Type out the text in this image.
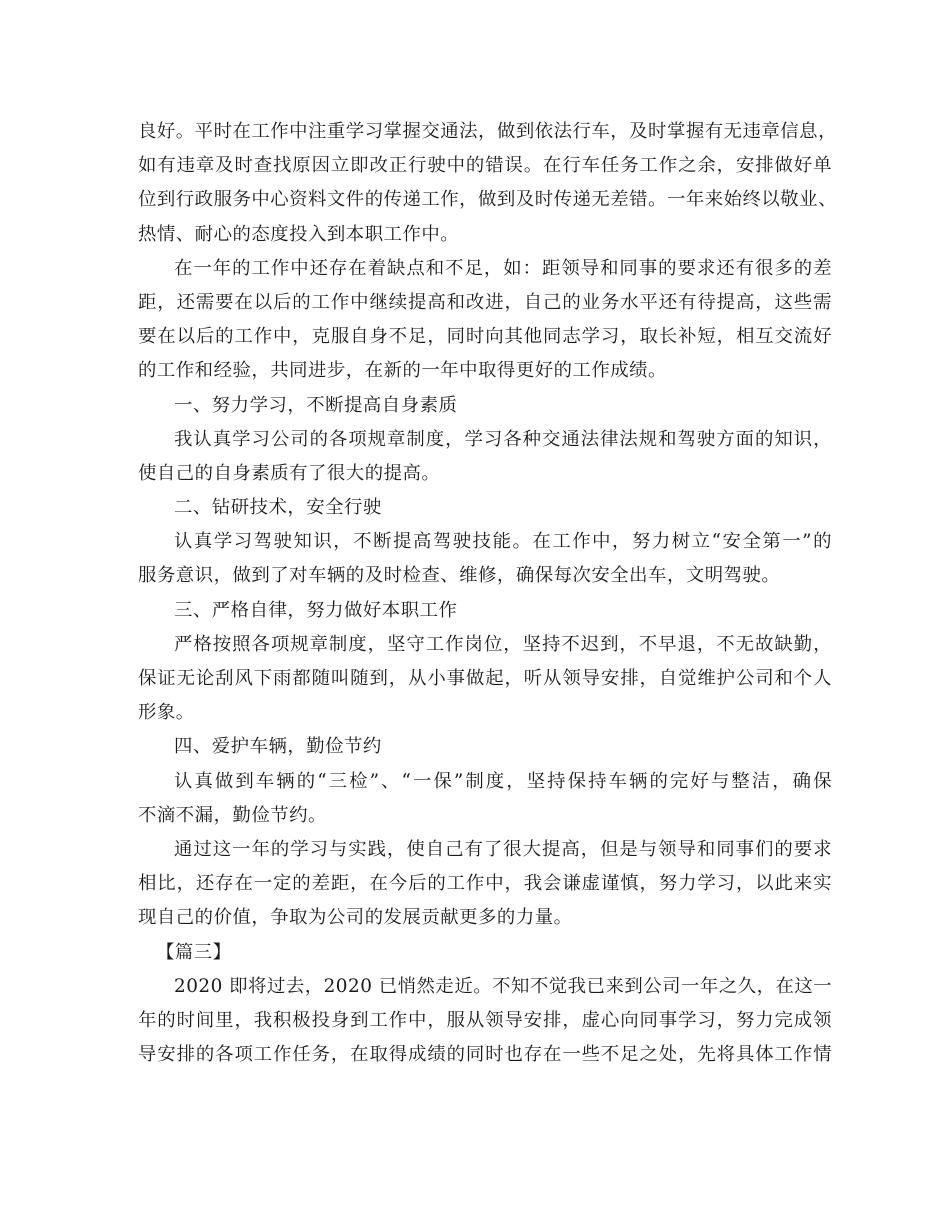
良好。平时在工作中注重学习掌握交通法，做到依法行车，及时掌握有无违章信息，
如有违章及时查找原因立即改正行驶中的错误。在行车任务工作之余，安排做好单
位到行政服务中心资料文件的传递工作，做到及时传递无差错。一年来始终以敬业、
热情、耐心的态度投入到本职工作中。
在一年的工作中还存在着缺点和不足，如：距领导和同事的要求还有很多的差
距，还需要在以后的工作中继续提高和改进，自己的业务水平还有待提高，这些需
要在以后的工作中，克服自身不足，同时向其他同志学习，取长补短，相互交流好
的工作和经验，共同进步，在新的一年中取得更好的工作成绩。
一、努力学习，不断提高自身素质
我认真学习公司的各项规章制度，学习各种交通法律法规和驾驶方面的知识，
使自己的自身素质有了很大的提高。
二、钻研技术，安全行驶
认真学习驾驶知识，不断提高驾驶技能。在工作中，努力树立“安全第一”的
服务意识，做到了对车辆的及时检查、维修，确保每次安全出车，文明驾驶。
三、严格自律，努力做好本职工作
严格按照各项规章制度，坚守工作岗位，坚持不迟到，不早退，不无故缺勤，
保证无论刮风下雨都随叫随到，从小事做起，听从领导安排，自觉维护公司和个人
形象。
四、爱护车辆，勤俭节约
认真做到车辆的“三检”、“一保”制度，坚持保持车辆的完好与整洁，确保
不滴不漏，勤俭节约。
通过这一年的学习与实践，使自己有了很大提高，但是与领导和同事们的要求
相比，还存在一定的差距，在今后的工作中，我会谦虚谨慎，努力学习，以此来实
现自己的价值，争取为公司的发展贡献更多的力量。
【篇三】
2020 即将过去，2020 已悄然走近。不知不觉我已来到公司一年之久，在这一
年的时间里，我积极投身到工作中，服从领导安排，虚心向同事学习，努力完成领
导安排的各项工作任务，在取得成绩的同时也存在一些不足之处，先将具体工作情
